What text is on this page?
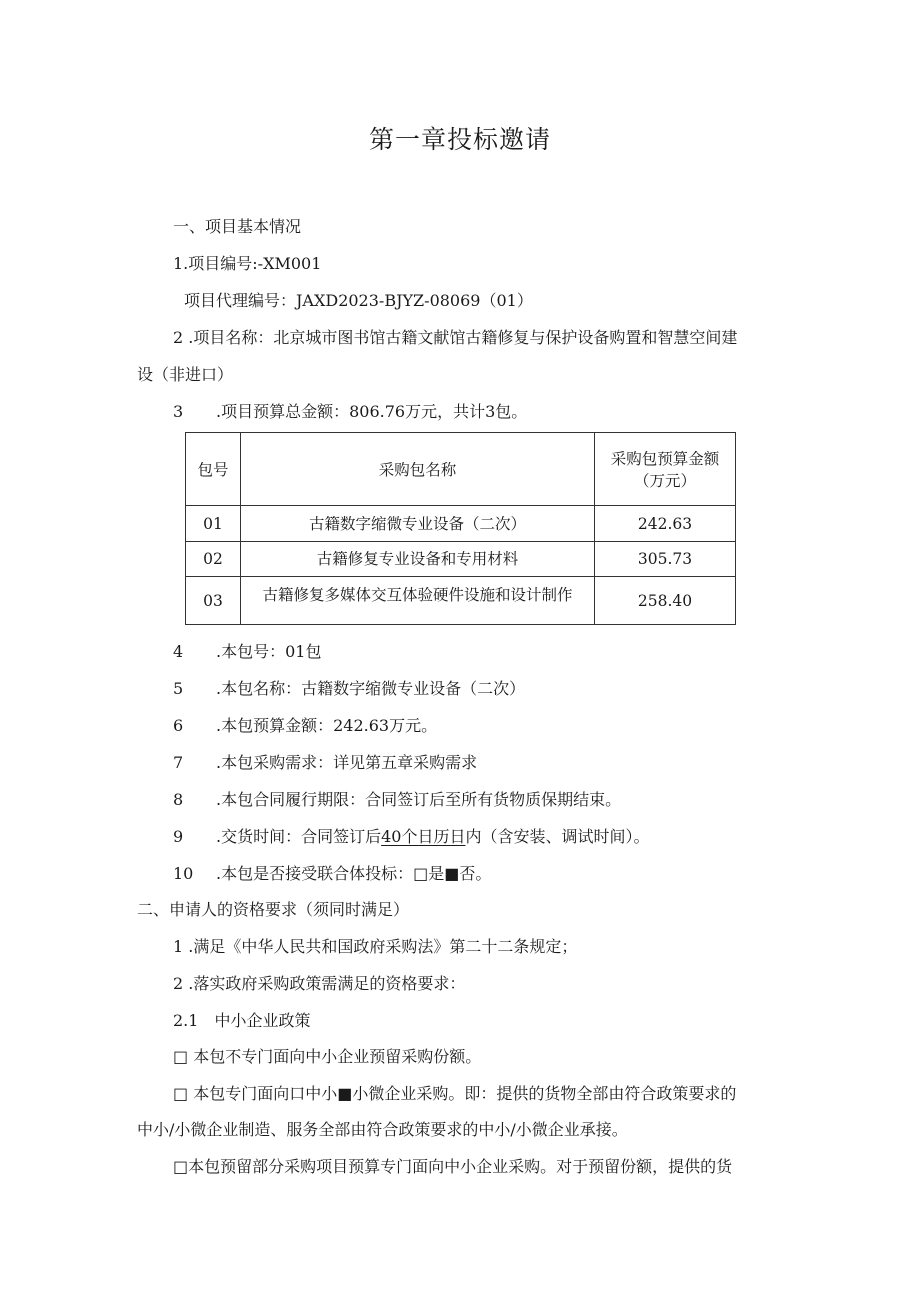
第一章投标邀请
一、项目基本情况
1.项目编号:-XM001
项目代理编号：JAXD2023-BJYZ-08069（01）
2 .项目名称：北京城市图书馆古籍文献馆古籍修复与保护设备购置和智慧空间建
设（非进口）
3 .项目预算总金额：806.76万元，共计3包。
包号	采购包名称	采购包预算金额
（万元）
01	古籍数字缩微专业设备（二次）	242.63
02	古籍修复专业设备和专用材料	305.73
03	古籍修复多媒体交互体验硬件设施和设计制作	258.40
4 .本包号：01包
5 .本包名称：古籍数字缩微专业设备（二次）
6 .本包预算金额：242.63万元。
7 .本包采购需求：详见第五章采购需求
8 .本包合同履行期限：合同签订后至所有货物质保期结束。
9 .交货时间：合同签订后40个日历日内（含安装、调试时间）。
10 .本包是否接受联合体投标：□是■否。
二、申请人的资格要求（须同时满足）
1 .满足《中华人民共和国政府采购法》第二十二条规定；
2 .落实政府采购政策需满足的资格要求：
2.1　中小企业政策
□ 本包不专门面向中小企业预留采购份额。
□ 本包专门面向口中小■小微企业采购。即：提供的货物全部由符合政策要求的
中小/小微企业制造、服务全部由符合政策要求的中小/小微企业承接。
□本包预留部分采购项目预算专门面向中小企业采购。对于预留份额，提供的货
